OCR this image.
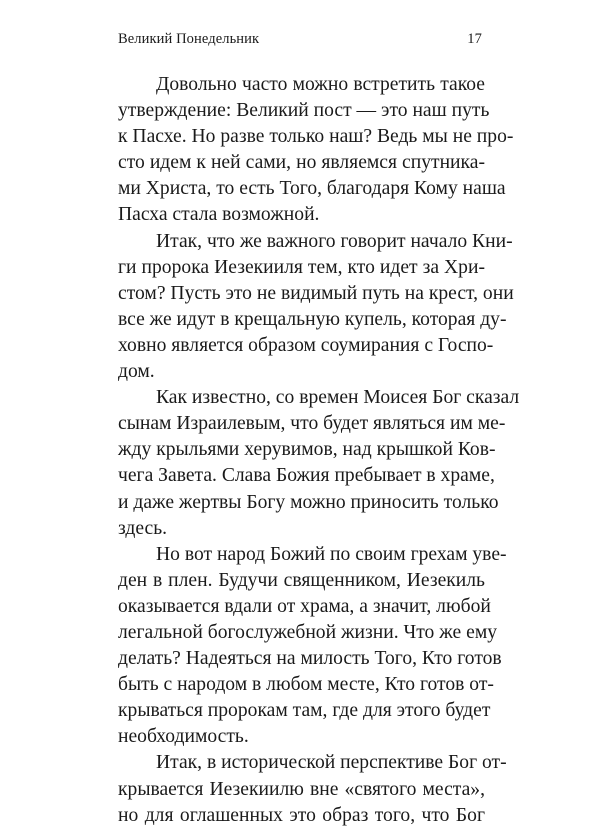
Великий Понедельник	17
Довольно часто можно встретить такое
утверждение: Великий пост — это наш путь
к Пасхе. Но разве только наш? Ведь мы не про-
сто идем к ней сами, но являемся спутника-
ми Христа, то есть Того, благодаря Кому наша
Пасха стала возможной.
Итак, что же важного говорит начало Кни-
ги пророка Иезекииля тем, кто идет за Хри-
стом? Пусть это не видимый путь на крест, они
все же идут в крещальную купель, которая ду-
ховно является образом соумирания с Госпо-
дом.
Как известно, со времен Моисея Бог сказал
сынам Израилевым, что будет являться им ме-
жду крыльями херувимов, над крышкой Ков-
чега Завета. Слава Божия пребывает в храме,
и даже жертвы Богу можно приносить только
здесь.
Но вот народ Божий по своим грехам уве-
ден в плен. Будучи священником, Иезекиль
оказывается вдали от храма, а значит, любой
легальной богослужебной жизни. Что же ему
делать? Надеяться на милость Того, Кто готов
быть с народом в любом месте, Кто готов от-
крываться пророкам там, где для этого будет
необходимость.
Итак, в исторической перспективе Бог от-
крывается Иезекиилю вне «святого места»,
но для оглашенных это образ того, что Бог
